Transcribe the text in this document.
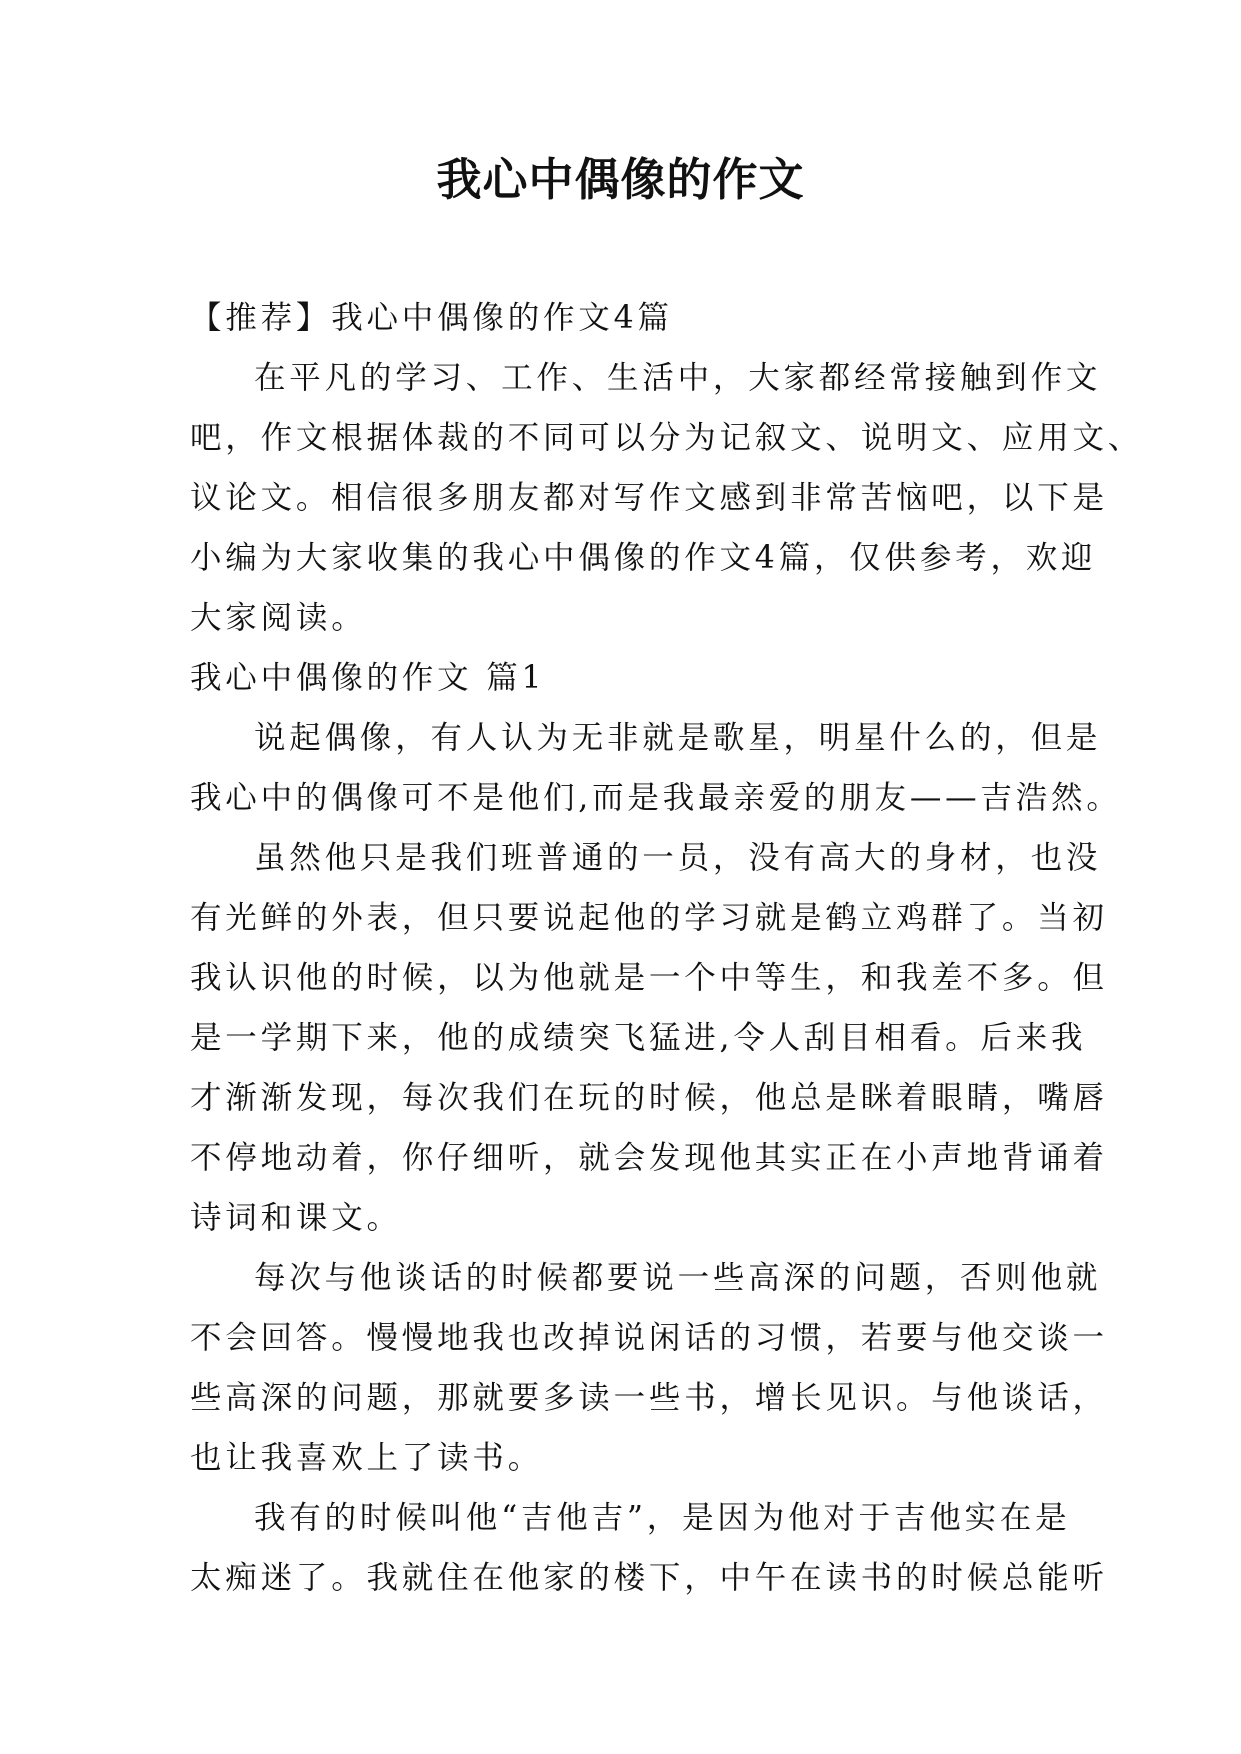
我心中偶像的作文

【推荐】我心中偶像的作文4篇

在平凡的学习、工作、生活中，大家都经常接触到作文

吧，作文根据体裁的不同可以分为记叙文、说明文、应用文、

议论文。相信很多朋友都对写作文感到非常苦恼吧，以下是

小编为大家收集的我心中偶像的作文4篇，仅供参考，欢迎

大家阅读。

我心中偶像的作文 篇1

说起偶像，有人认为无非就是歌星，明星什么的，但是

我心中的偶像可不是他们,而是我最亲爱的朋友——吉浩然。

虽然他只是我们班普通的一员，没有高大的身材，也没

有光鲜的外表，但只要说起他的学习就是鹤立鸡群了。当初

我认识他的时候，以为他就是一个中等生，和我差不多。但

是一学期下来，他的成绩突飞猛进,令人刮目相看。后来我

才渐渐发现，每次我们在玩的时候，他总是眯着眼睛，嘴唇

不停地动着，你仔细听，就会发现他其实正在小声地背诵着

诗词和课文。

每次与他谈话的时候都要说一些高深的问题，否则他就

不会回答。慢慢地我也改掉说闲话的习惯，若要与他交谈一

些高深的问题，那就要多读一些书，增长见识。与他谈话，

也让我喜欢上了读书。

我有的时候叫他“吉他吉”，是因为他对于吉他实在是

太痴迷了。我就住在他家的楼下，中午在读书的时候总能听
